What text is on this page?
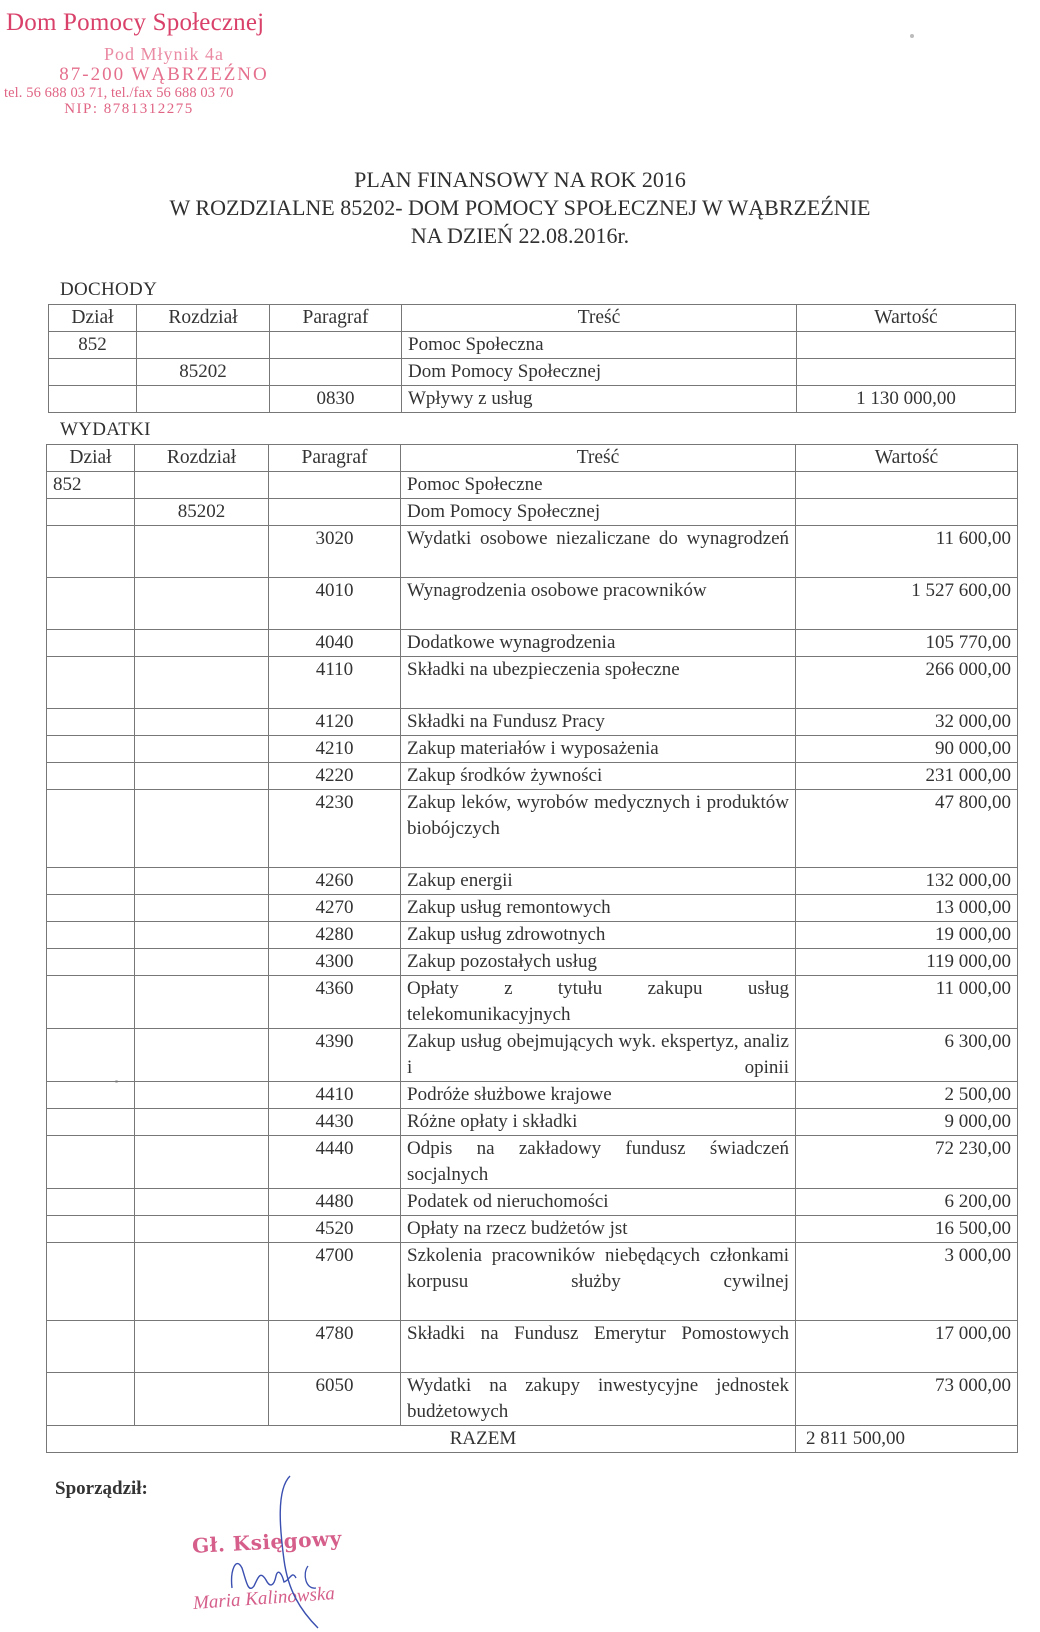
Dom Pomocy Społecznej
Pod Młynik 4a
87-200 WĄBRZEŹNO
tel. 56 688 03 71, tel./fax 56 688 03 70
NIP: 8781312275
PLAN FINANSOWY NA ROK 2016
W ROZDZIALNE 85202- DOM POMOCY SPOŁECZNEJ W WĄBRZEŹNIE
NA DZIEŃ 22.08.2016r.
DOCHODY
Dział	Rozdział	Paragraf	Treść	Wartość
852			Pomoc Społeczna	
	85202		Dom Pomocy Społecznej	
		0830	Wpływy z usług	1 130 000,00
WYDATKI
Dział	Rozdział	Paragraf	Treść	Wartość
852			Pomoc Społeczne	
	85202		Dom Pomocy Społecznej	
		3020	Wydatki osobowe niezaliczane do wynagrodzeń	11 600,00
		4010	Wynagrodzenia osobowe pracowników	1 527 600,00
		4040	Dodatkowe wynagrodzenia	105 770,00
		4110	Składki na ubezpieczenia społeczne	266 000,00
		4120	Składki na Fundusz Pracy	32 000,00
		4210	Zakup materiałów i wyposażenia	90 000,00
		4220	Zakup środków żywności	231 000,00
		4230	Zakup leków, wyrobów medycznych i produktów biobójczych	47 800,00
		4260	Zakup energii	132 000,00
		4270	Zakup usług remontowych	13 000,00
		4280	Zakup usług zdrowotnych	19 000,00
		4300	Zakup pozostałych usług	119 000,00
		4360	Opłaty z tytułu zakupu usług telekomunikacyjnych	11 000,00
		4390	Zakup usług obejmujących wyk. ekspertyz, analiz i opinii	6 300,00
		4410	Podróże służbowe krajowe	2 500,00
		4430	Różne opłaty i składki	9 000,00
		4440	Odpis na zakładowy fundusz świadczeń socjalnych	72 230,00
		4480	Podatek od nieruchomości	6 200,00
		4520	Opłaty na rzecz budżetów jst	16 500,00
		4700	Szkolenia pracowników niebędących członkami korpusu służby cywilnej	3 000,00
		4780	Składki na Fundusz Emerytur Pomostowych	17 000,00
		6050	Wydatki na zakupy inwestycyjne jednostek budżetowych	73 000,00
RAZEM				2 811 500,00
Sporządził:
Gł. Księgowy
Maria Kalinowska
